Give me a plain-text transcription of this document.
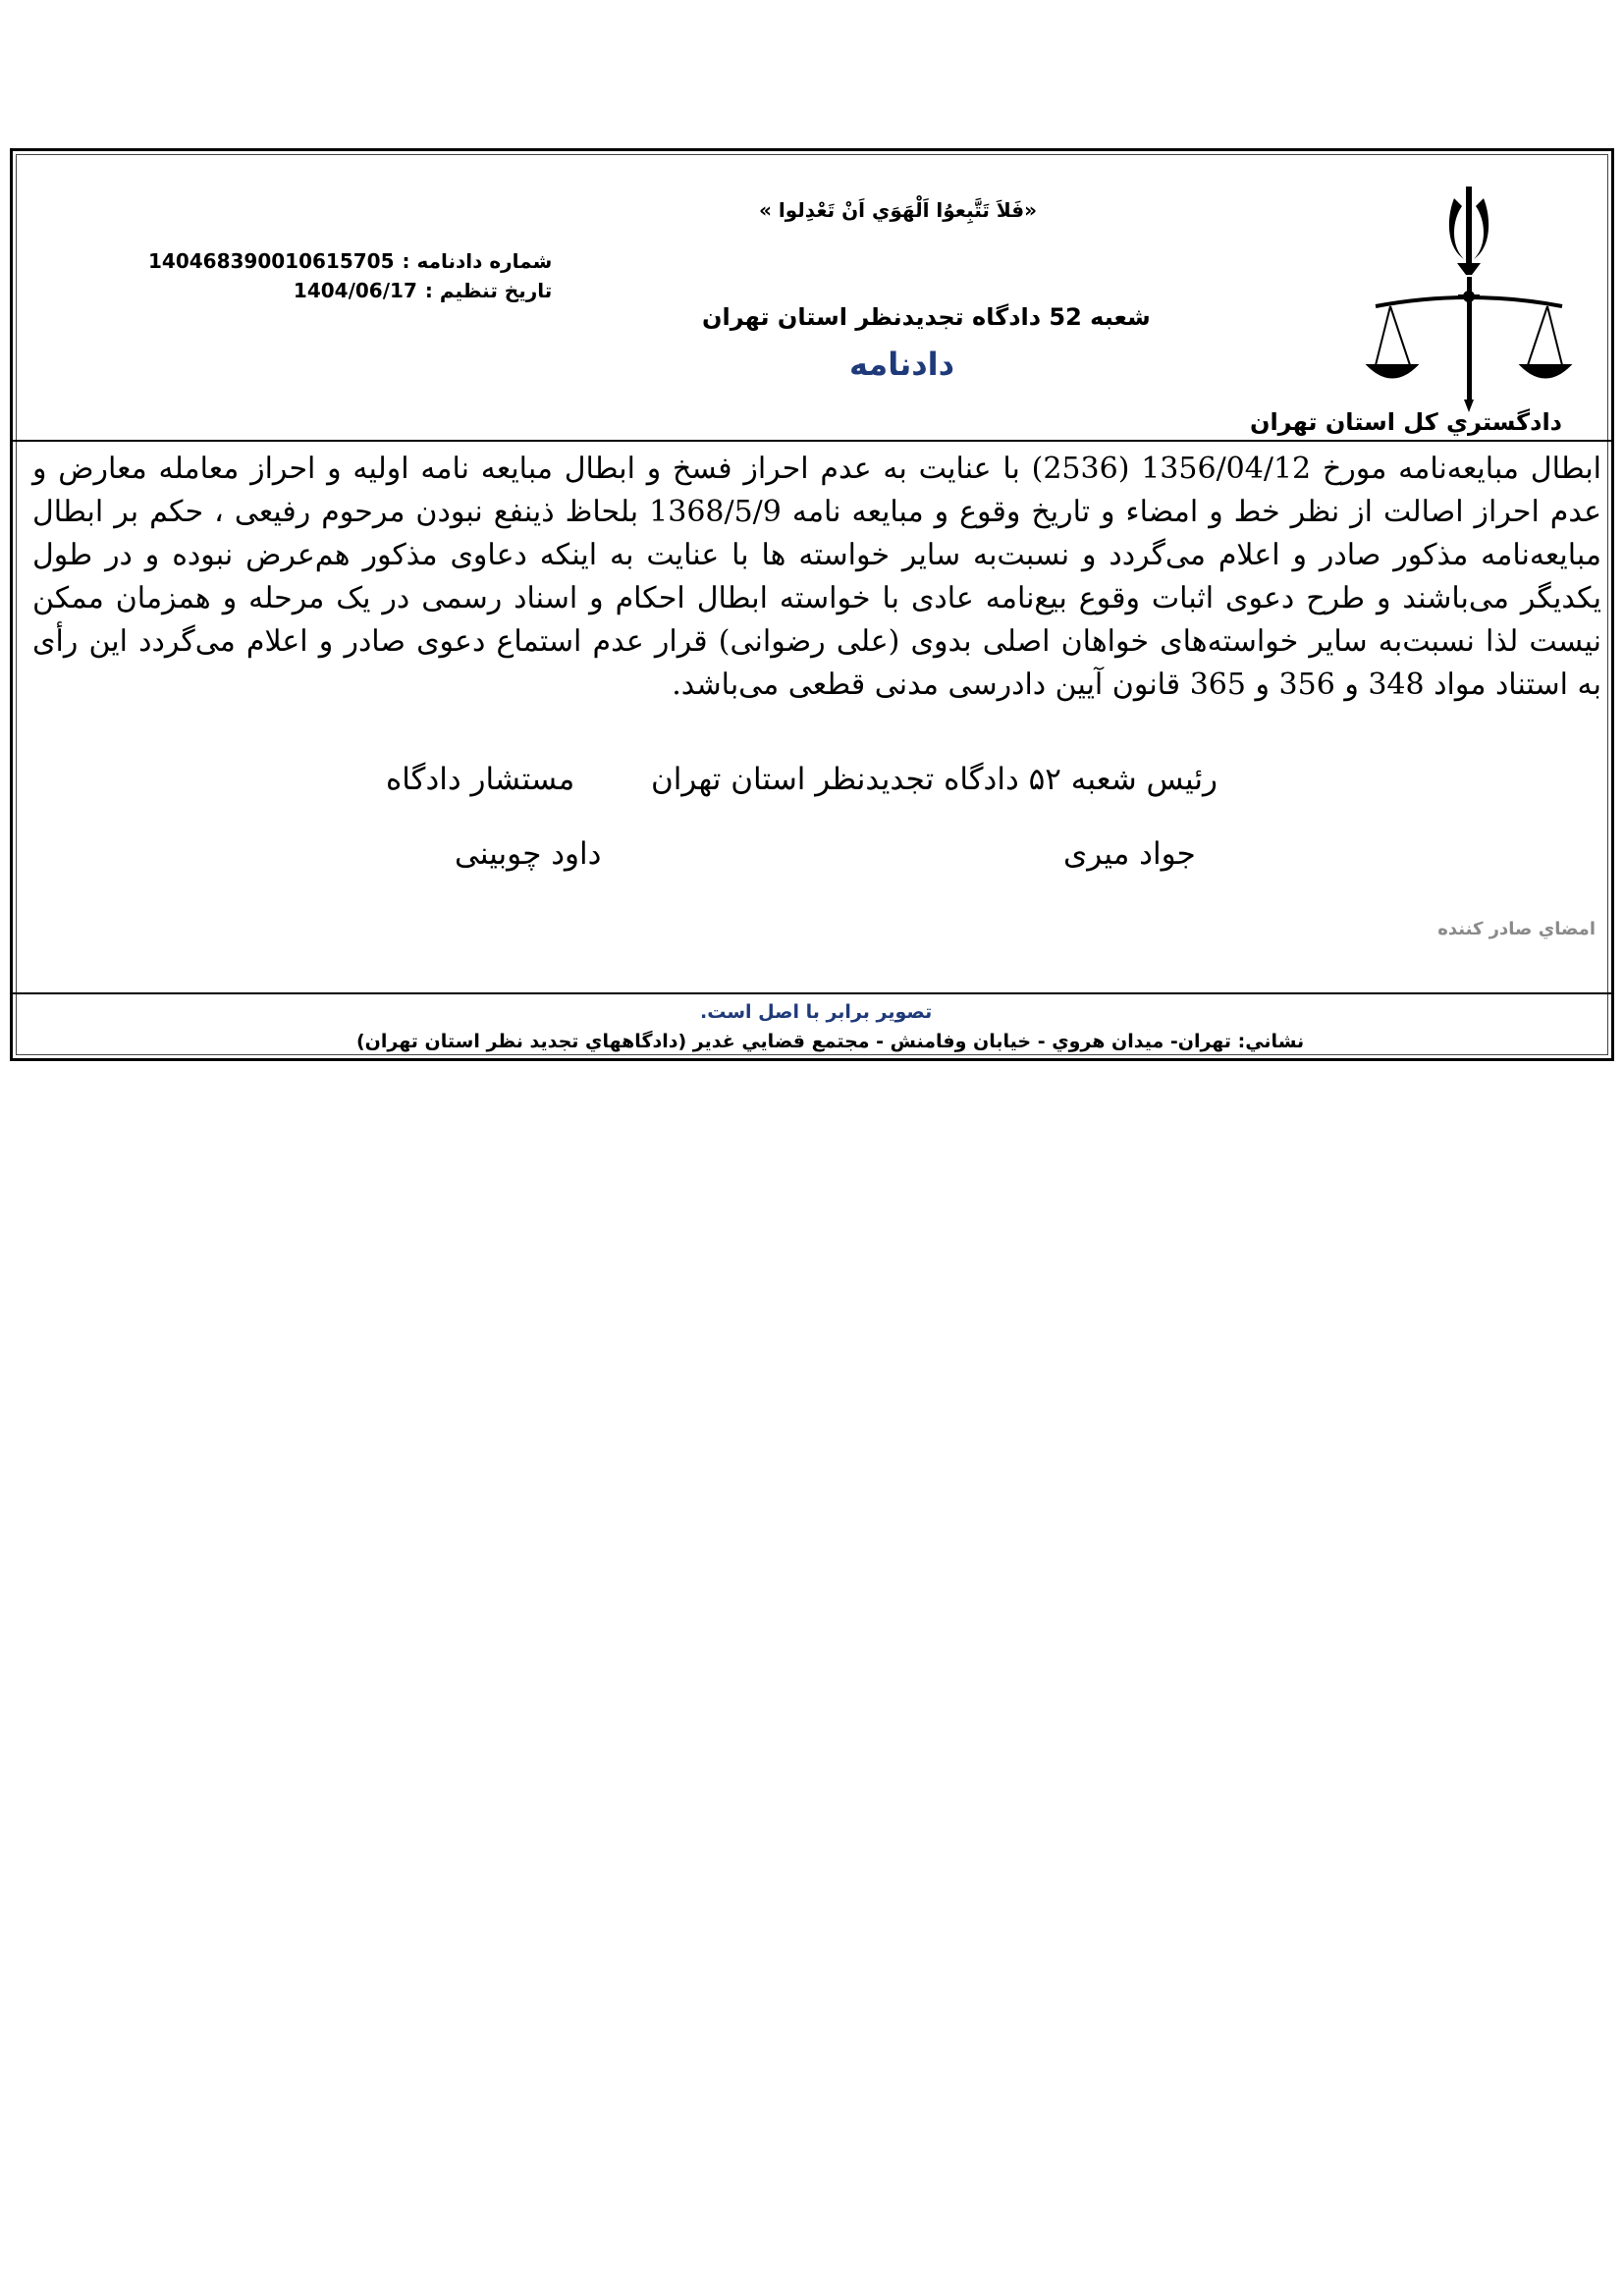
دادگستري كل استان تهران
«فَلاَ تَتَّبِعوُا اَلْهَوَي اَنْ تَعْدِلوا »
شعبه 52 دادگاه تجدیدنظر استان تهران
دادنامه
شماره دادنامه :
140468390010615705
تاریخ تنظیم :
1404/06/17
ابطال مبایعه‌نامه مورخ 1356/04/12 (2536) با عنایت به عدم احراز فسخ و ابطال مبایعه نامه اولیه و احراز معامله معارض و عدم احراز اصالت از نظر خط و امضاء و تاریخ وقوع و مبایعه نامه 1368/5/9 بلحاظ ذینفع نبودن مرحوم رفیعی ، حکم بر ابطال مبایعه‌نامه مذکور صادر و اعلام می‌گردد و نسبت‌به سایر خواسته ها با عنایت به اینکه دعاوی مذکور هم‌عرض نبوده و در طول یکدیگر می‌باشند و طرح دعوی اثبات وقوع بیع‌نامه عادی با خواسته ابطال احکام و اسناد رسمی در یک مرحله و همزمان ممکن نیست لذا نسبت‌به سایر خواسته‌های خواهان اصلی بدوی (علی رضوانی) قرار عدم استماع دعوی صادر و اعلام می‌گردد این رأی به استناد مواد 348 و 356 و 365 قانون آیین دادرسی مدنی قطعی می‌باشد.
رئیس شعبه ۵۲ دادگاه تجدیدنظر استان تهران
مستشار دادگاه
جواد میری
داود چوبینی
امضاي صادر كننده
تصوير برابر با اصل است.
نشاني: تهران- ميدان هروي - خيابان وفامنش - مجتمع قضايي غدير (دادگاههاي تجديد نظر استان تهران)
